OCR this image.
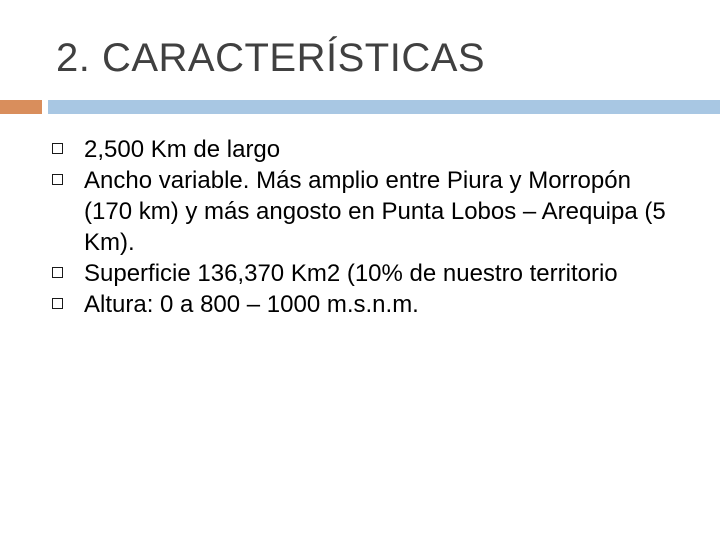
2. CARACTERÍSTICAS
2,500 Km de largo
Ancho variable. Más amplio entre Piura y Morropón (170 km) y más angosto en Punta Lobos – Arequipa (5 Km).
Superficie 136,370 Km2 (10% de nuestro territorio
Altura: 0 a 800 – 1000 m.s.n.m.
